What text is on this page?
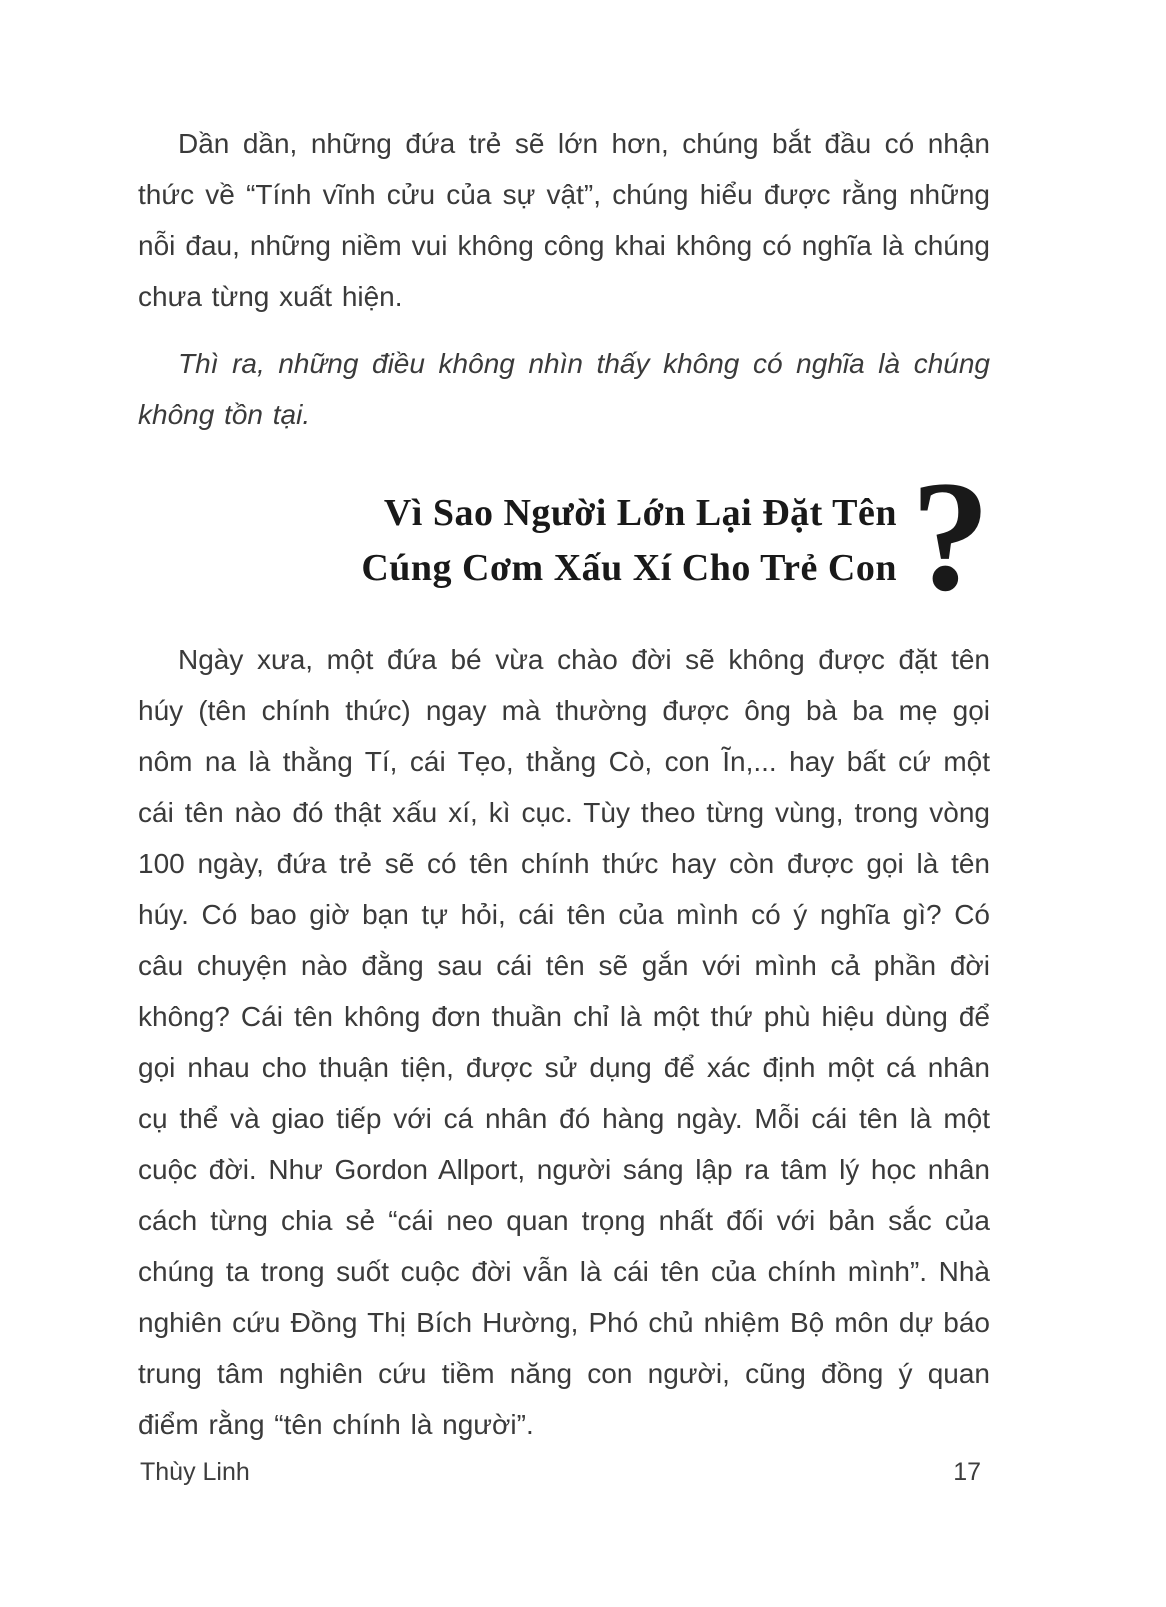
Dần dần, những đứa trẻ sẽ lớn hơn, chúng bắt đầu có nhận thức về “Tính vĩnh cửu của sự vật”, chúng hiểu được rằng những nỗi đau, những niềm vui không công khai không có nghĩa là chúng chưa từng xuất hiện.

Thì ra, những điều không nhìn thấy không có nghĩa là chúng không tồn tại.

Vì Sao Người Lớn Lại Đặt Tên
Cúng Cơm Xấu Xí Cho Trẻ Con ?

Ngày xưa, một đứa bé vừa chào đời sẽ không được đặt tên húy (tên chính thức) ngay mà thường được ông bà ba mẹ gọi nôm na là thằng Tí, cái Tẹo, thằng Cò, con Ĩn,... hay bất cứ một cái tên nào đó thật xấu xí, kì cục. Tùy theo từng vùng, trong vòng 100 ngày, đứa trẻ sẽ có tên chính thức hay còn được gọi là tên húy. Có bao giờ bạn tự hỏi, cái tên của mình có ý nghĩa gì? Có câu chuyện nào đằng sau cái tên sẽ gắn với mình cả phần đời không? Cái tên không đơn thuần chỉ là một thứ phù hiệu dùng để gọi nhau cho thuận tiện, được sử dụng để xác định một cá nhân cụ thể và giao tiếp với cá nhân đó hàng ngày. Mỗi cái tên là một cuộc đời. Như Gordon Allport, người sáng lập ra tâm lý học nhân cách từng chia sẻ “cái neo quan trọng nhất đối với bản sắc của chúng ta trong suốt cuộc đời vẫn là cái tên của chính mình”. Nhà nghiên cứu Đồng Thị Bích Hường, Phó chủ nhiệm Bộ môn dự báo trung tâm nghiên cứu tiềm năng con người, cũng đồng ý quan điểm rằng “tên chính là người”.

Thùy Linh	17
